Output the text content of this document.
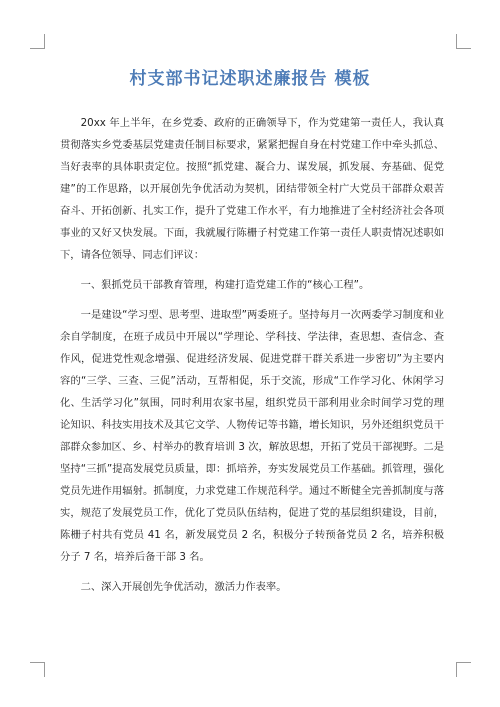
村支部书记述职述廉报告 模板

20xx 年上半年，在乡党委、政府的正确领导下，作为党建第一责任人，我认真贯彻落实乡党委基层党建责任制目标要求，紧紧把握自身在村党建工作中牵头抓总、当好表率的具体职责定位。按照“抓党建、凝合力、谋发展，抓发展、夯基础、促党建”的工作思路，以开展创先争优活动为契机，团结带领全村广大党员干部群众艰苦奋斗、开拓创新、扎实工作，提升了党建工作水平，有力地推进了全村经济社会各项事业的又好又快发展。下面，我就履行陈栅子村党建工作第一责任人职责情况述职如下，请各位领导、同志们评议：

一、狠抓党员干部教育管理，构建打造党建工作的“核心工程”。

一是建设“学习型、思考型、进取型”两委班子。坚持每月一次两委学习制度和业余自学制度，在班子成员中开展以“学理论、学科技、学法律，查思想、查信念、查作风，促进党性观念增强、促进经济发展、促进党群干群关系进一步密切”为主要内容的“三学、三查、三促”活动，互帮相促，乐于交流，形成“工作学习化、休闲学习化、生活学习化”氛围，同时利用农家书屋，组织党员干部利用业余时间学习党的理论知识、科技实用技术及其它文学、人物传记等书籍，增长知识，另外还组织党员干部群众参加区、乡、村举办的教育培训 3 次，解放思想，开拓了党员干部视野。二是坚持“三抓”提高发展党员质量，即：抓培养，夯实发展党员工作基础。抓管理，强化党员先进作用辐射。抓制度，力求党建工作规范科学。通过不断健全完善抓制度与落实，规范了发展党员工作，优化了党员队伍结构，促进了党的基层组织建设，目前，陈栅子村共有党员 41 名，新发展党员 2 名，积极分子转预备党员 2 名，培养积极分子 7 名，培养后备干部 3 名。

二、深入开展创先争优活动，激活力作表率。
